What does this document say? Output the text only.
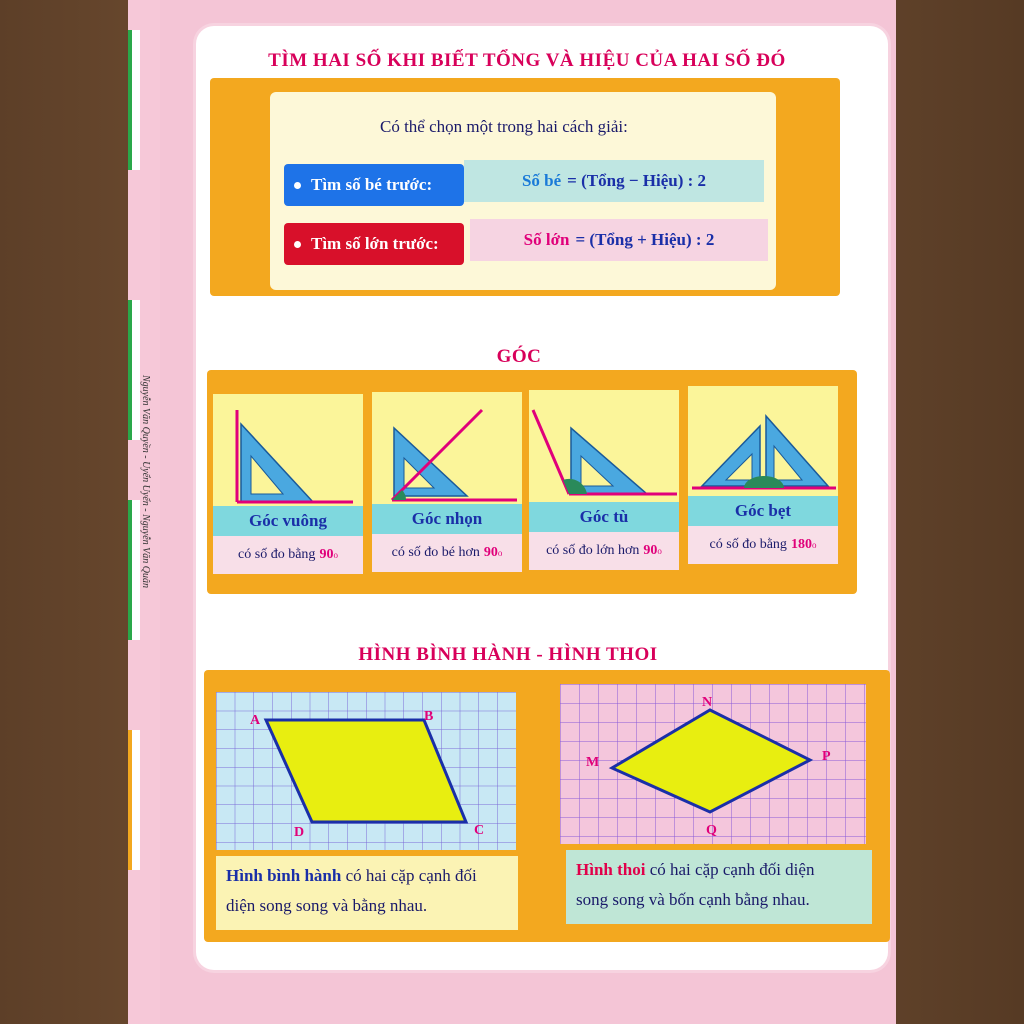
Nguyễn Văn Quyền - Uyển Uyển - Nguyễn Văn Quân
TÌM HAI SỐ KHI BIẾT TỔNG VÀ HIỆU CỦA HAI SỐ ĐÓ
Có thể chọn một trong hai cách giải:
Tìm số bé trước:	Số bé = (Tổng − Hiệu) : 2
Tìm số lớn trước:	Số lớn = (Tổng + Hiệu) : 2
GÓC
Góc vuông
có số đo bằng 90 o
Góc nhọn
có số đo bé hơn 90 o
Góc tù
có số đo lớn hơn 90 o
Góc bẹt
có số đo bằng 180 o
HÌNH BÌNH HÀNH - HÌNH THOI
A	B
C
D
N
P
Q
M
Hình bình hành có hai cặp cạnh đối
diện song song và bằng nhau.
Hình thoi có hai cặp cạnh đối diện
song song và bốn cạnh bằng nhau.
